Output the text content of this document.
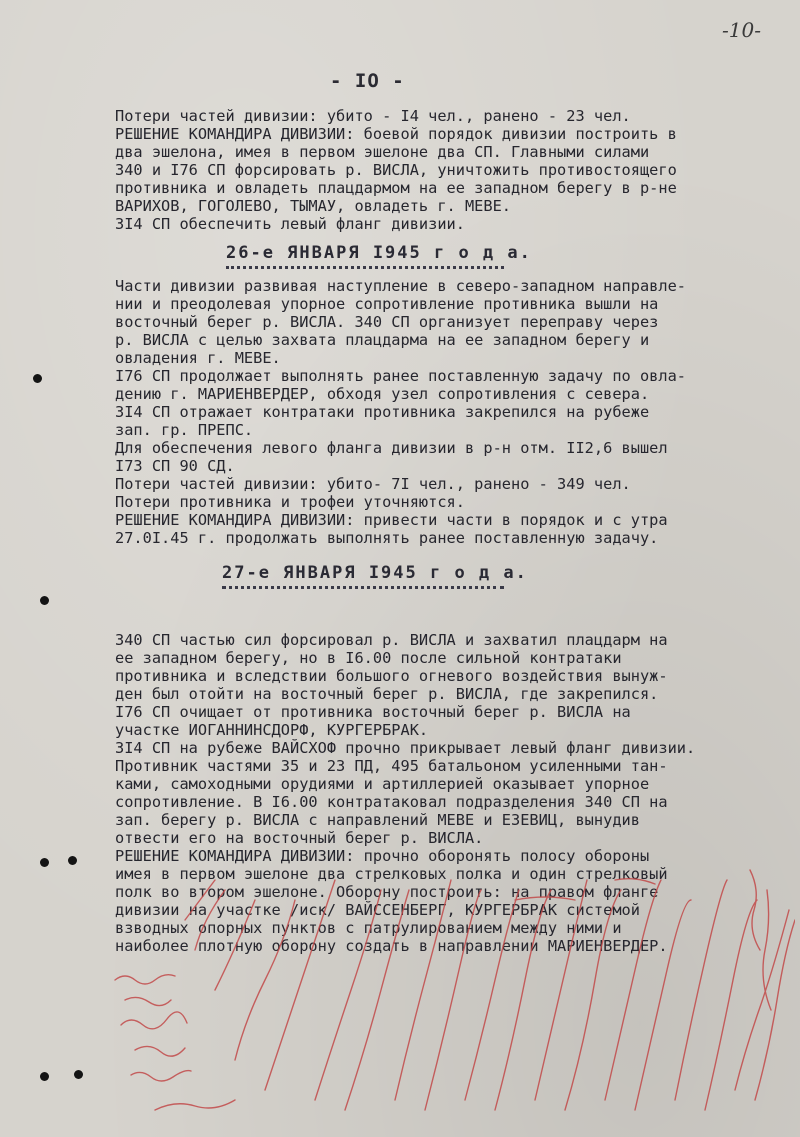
-10-
- IO -
Потери частей дивизии: убито - I4 чел., ранено - 23 чел.
РЕШЕНИЕ КОМАНДИРА ДИВИЗИИ: боевой порядок дивизии построить в
два эшелона, имея в первом эшелоне два СП. Главными силами
340 и I76 СП форсировать р. ВИСЛА, уничтожить противостоящего
противника и овладеть плацдармом на ее западном берегу в р-не
ВАРИХОВ, ГОГОЛЕВО, ТЫМАУ, овладеть г. МЕВЕ.
3I4 СП обеспечить левый фланг дивизии.
26-е ЯНВАРЯ I945 г о д а.
Части дивизии развивая наступление в северо-западном направле-
нии и преодолевая упорное сопротивление противника вышли на
восточный берег р. ВИСЛА. 340 СП организует переправу через
р. ВИСЛА с целью захвата плацдарма на ее западном берегу и
овладения г. МЕВЕ.
I76 СП продолжает выполнять ранее поставленную задачу по овла-
дению г. МАРИЕНВЕРДЕР, обходя узел сопротивления с севера.
3I4 СП отражает контратаки противника закрепился на рубеже
зап. гр. ПРЕПС.
Для обеспечения левого фланга дивизии в р-н отм. II2,6 вышел
I73 СП 90 СД.
Потери частей дивизии: убито- 7I чел., ранено - 349 чел.
Потери противника и трофеи уточняются.
РЕШЕНИЕ КОМАНДИРА ДИВИЗИИ: привести части в порядок и с утра
27.0I.45 г. продолжать выполнять ранее поставленную задачу.
27-е ЯНВАРЯ I945 г о д а.
340 СП частью сил форсировал р. ВИСЛА и захватил плацдарм на
ее западном берегу, но в I6.00 после сильной контратаки
противника и вследствии большого огневого воздействия вынуж-
ден был отойти на восточный берег р. ВИСЛА, где закрепился.
I76 СП очищает от противника восточный берег р. ВИСЛА на
участке ИОГАННИНСДОРФ, КУРГЕРБРАК.
3I4 СП на рубеже ВАЙСХОФ прочно прикрывает левый фланг дивизии.
Противник частями 35 и 23 ПД, 495 батальоном усиленными тан-
ками, самоходными орудиями и артиллерией оказывает упорное
сопротивление. В I6.00 контратаковал подразделения 340 СП на
зап. берегу р. ВИСЛА с направлений МЕВЕ и ЕЗЕВИЦ, вынудив
отвести его на восточный берег р. ВИСЛА.
РЕШЕНИЕ КОМАНДИРА ДИВИЗИИ: прочно оборонять полосу обороны
имея в первом эшелоне два стрелковых полка и один стрелковый
полк во втором эшелоне. Оборону построить: на правом фланге
дивизии на участке /иск/ ВАЙССЕНБЕРГ, КУРГЕРБРАК системой
взводных опорных пунктов с патрулированием между ними и
наиболее плотную оборону создать в направлении МАРИЕНВЕРДЕР.
